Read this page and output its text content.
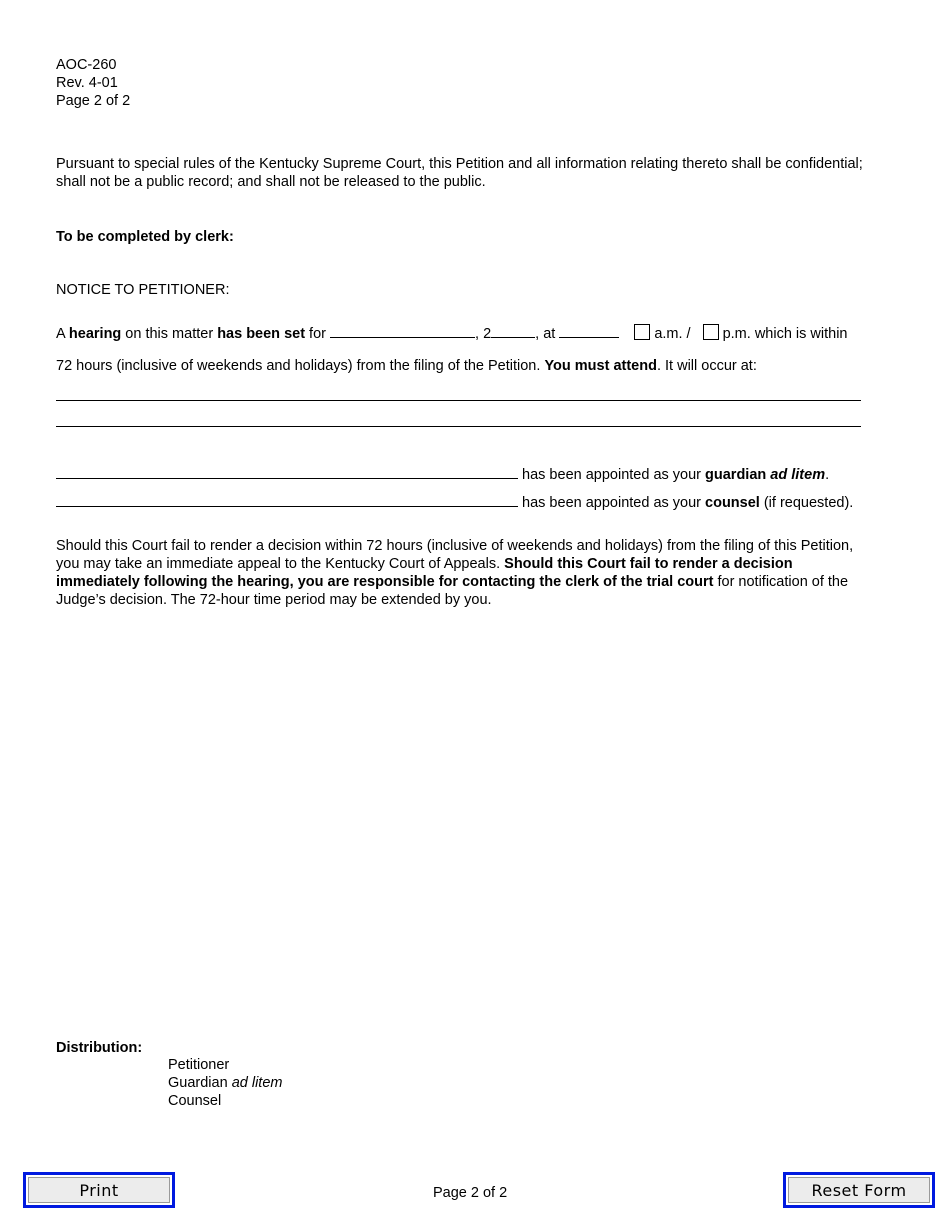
AOC-260
Rev. 4-01
Page 2 of 2
Pursuant to special rules of the Kentucky Supreme Court, this Petition and all information relating thereto shall be confidential; shall not be a public record; and shall not be released to the public.
To be completed by clerk:
NOTICE TO PETITIONER:
A hearing on this matter has been set for	, 2	, at	a.m. / p.m. which is within
72 hours (inclusive of weekends and holidays) from the filing of the Petition. You must attend. It will occur at:
has been appointed as your guardian ad litem.
has been appointed as your counsel (if requested).
Should this Court fail to render a decision within 72 hours (inclusive of weekends and holidays) from the filing of this Petition, you may take an immediate appeal to the Kentucky Court of Appeals. Should this Court fail to render a decision immediately following the hearing, you are responsible for contacting the clerk of the trial court for notification of the Judge’s decision. The 72-hour time period may be extended by you.
Distribution:
Petitioner
Guardian ad litem
Counsel
Print	Page 2 of 2	Reset Form
